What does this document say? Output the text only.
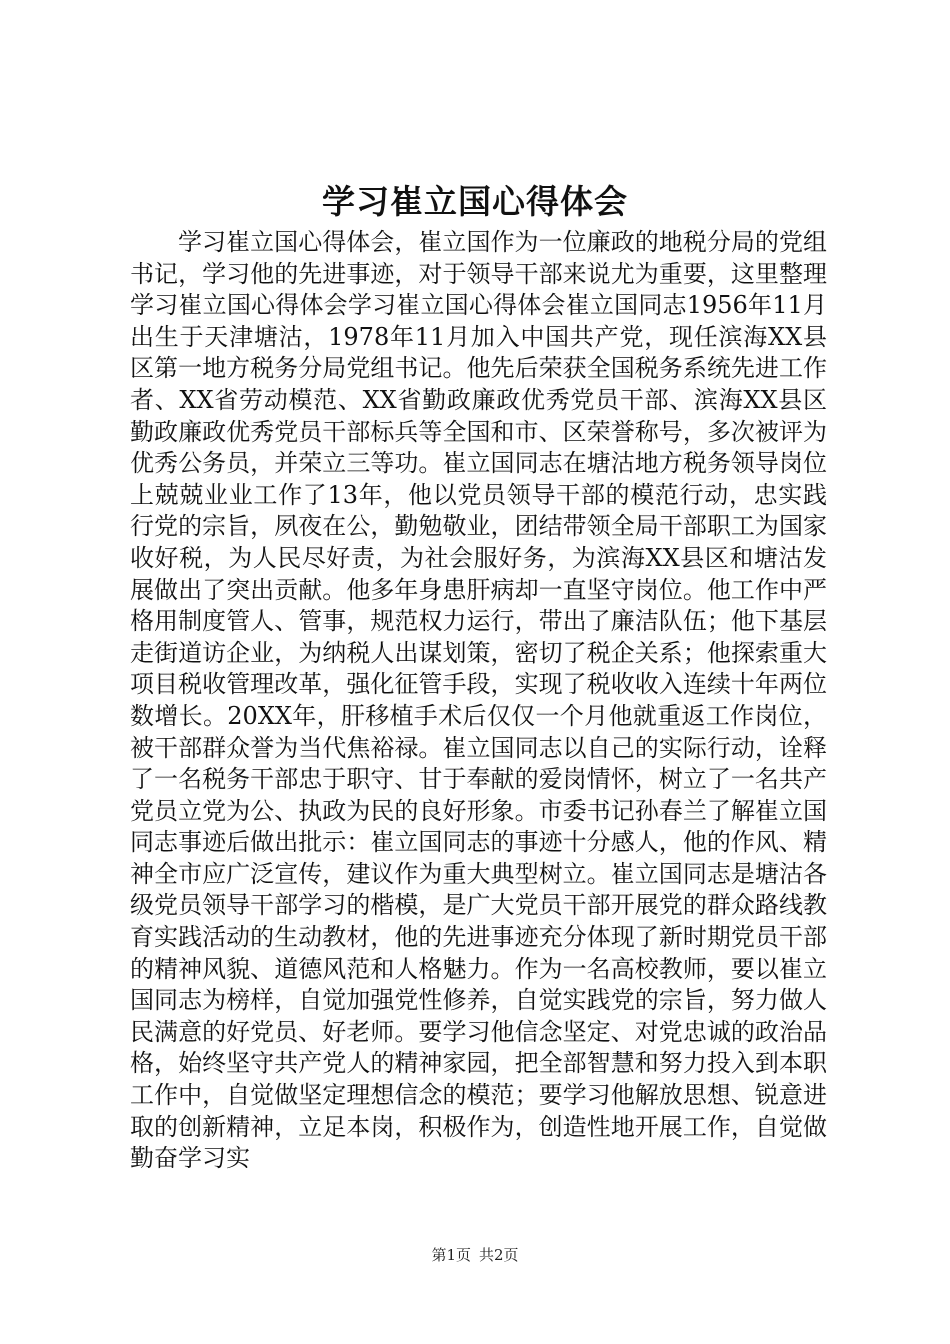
学习崔立国心得体会

学习崔立国心得体会，崔立国作为一位廉政的地税分局的党组书记，学习他的先进事迹，对于领导干部来说尤为重要，这里整理学习崔立国心得体会学习崔立国心得体会崔立国同志1956年11月出生于天津塘沽，1978年11月加入中国共产党，现任滨海XX县区第一地方税务分局党组书记。他先后荣获全国税务系统先进工作者、XX省劳动模范、XX省勤政廉政优秀党员干部、滨海XX县区勤政廉政优秀党员干部标兵等全国和市、区荣誉称号，多次被评为优秀公务员，并荣立三等功。崔立国同志在塘沽地方税务领导岗位上兢兢业业工作了13年，他以党员领导干部的模范行动，忠实践行党的宗旨，夙夜在公，勤勉敬业，团结带领全局干部职工为国家收好税，为人民尽好责，为社会服好务，为滨海XX县区和塘沽发展做出了突出贡献。他多年身患肝病却一直坚守岗位。他工作中严格用制度管人、管事，规范权力运行，带出了廉洁队伍；他下基层走街道访企业，为纳税人出谋划策，密切了税企关系；他探索重大项目税收管理改革，强化征管手段，实现了税收收入连续十年两位数增长。20XX年，肝移植手术后仅仅一个月他就重返工作岗位，被干部群众誉为当代焦裕禄。崔立国同志以自己的实际行动，诠释了一名税务干部忠于职守、甘于奉献的爱岗情怀，树立了一名共产党员立党为公、执政为民的良好形象。市委书记孙春兰了解崔立国同志事迹后做出批示：崔立国同志的事迹十分感人，他的作风、精神全市应广泛宣传，建议作为重大典型树立。崔立国同志是塘沽各级党员领导干部学习的楷模，是广大党员干部开展党的群众路线教育实践活动的生动教材，他的先进事迹充分体现了新时期党员干部的精神风貌、道德风范和人格魅力。作为一名高校教师，要以崔立国同志为榜样，自觉加强党性修养，自觉实践党的宗旨，努力做人民满意的好党员、好老师。要学习他信念坚定、对党忠诚的政治品格，始终坚守共产党人的精神家园，把全部智慧和努力投入到本职工作中，自觉做坚定理想信念的模范；要学习他解放思想、锐意进取的创新精神，立足本岗，积极作为，创造性地开展工作，自觉做勤奋学习实

第1页 共2页
